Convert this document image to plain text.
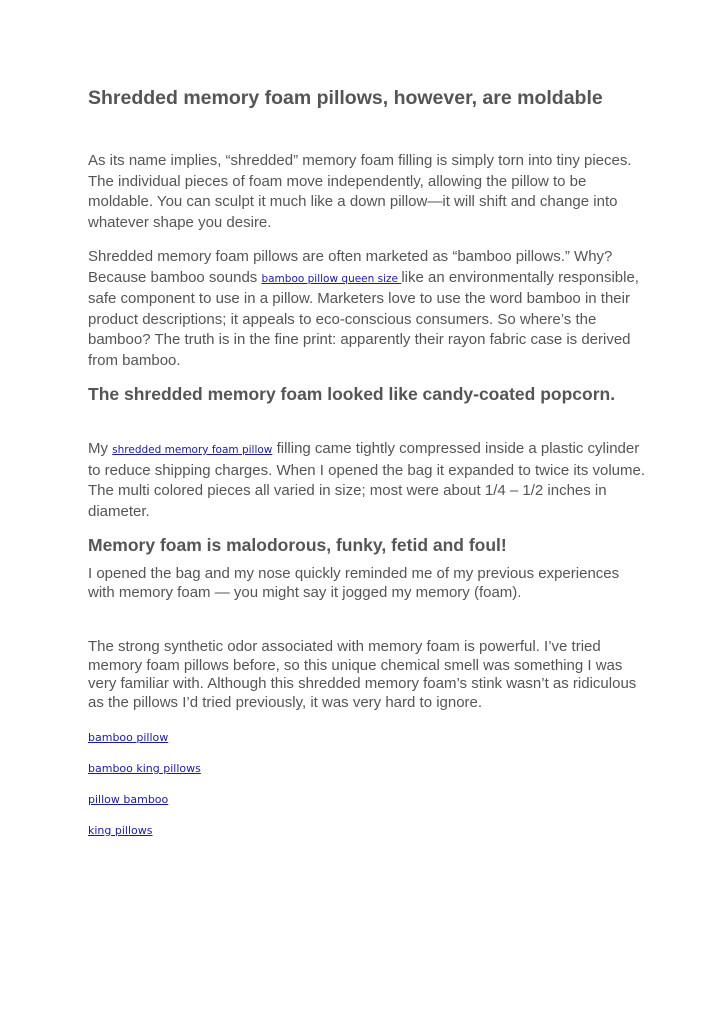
Shredded memory foam pillows, however, are moldable

As its name implies, “shredded” memory foam filling is simply torn into tiny pieces. The individual pieces of foam move independently, allowing the pillow to be moldable. You can sculpt it much like a down pillow—it will shift and change into whatever shape you desire.

Shredded memory foam pillows are often marketed as “bamboo pillows.” Why? Because bamboo sounds bamboo pillow queen size like an environmentally responsible, safe component to use in a pillow. Marketers love to use the word bamboo in their product descriptions; it appeals to eco-conscious consumers. So where’s the bamboo? The truth is in the fine print: apparently their rayon fabric case is derived from bamboo.

The shredded memory foam looked like candy-coated popcorn.

My shredded memory foam pillow filling came tightly compressed inside a plastic cylinder to reduce shipping charges. When I opened the bag it expanded to twice its volume. The multi colored pieces all varied in size; most were about 1/4 – 1/2 inches in diameter.

Memory foam is malodorous, funky, fetid and foul!

I opened the bag and my nose quickly reminded me of my previous experiences with memory foam — you might say it jogged my memory (foam).

The strong synthetic odor associated with memory foam is powerful. I’ve tried memory foam pillows before, so this unique chemical smell was something I was very familiar with. Although this shredded memory foam’s stink wasn’t as ridiculous as the pillows I’d tried previously, it was very hard to ignore.

bamboo pillow
bamboo king pillows
pillow bamboo
king pillows
